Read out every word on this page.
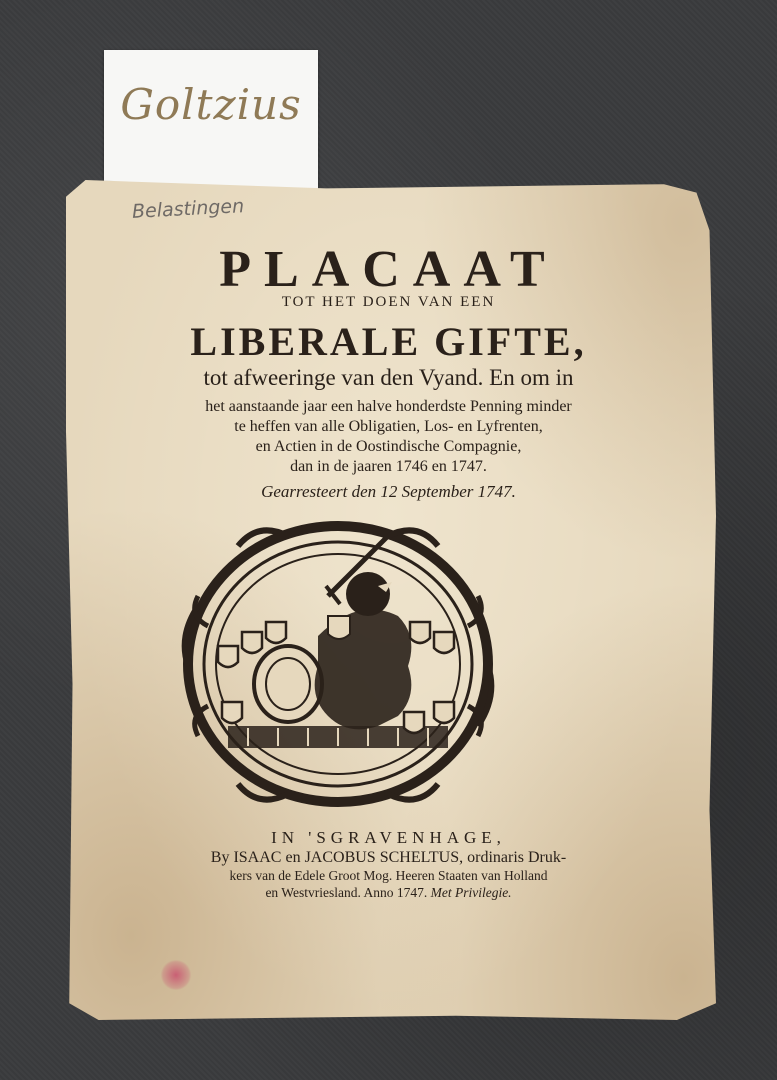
Goltzius
Belastingen
PLACAAT
TOT HET DOEN VAN EEN
LIBERALE GIFTE,
tot afweeringe van den Vyand. En om in
het aanstaande jaar een halve honderdste Penning minder
te heffen van alle Obligatien, Los- en Lyfrenten,
en Actien in de Oostindische Compagnie,
dan in de jaaren 1746 en 1747.
Gearresteert den 12 September 1747.
IN 'SGRAVENHAGE,
By ISAAC en JACOBUS SCHELTUS, ordinaris Druk-
kers van de Edele Groot Mog. Heeren Staaten van Holland
en Westvriesland. Anno 1747. Met Privilegie.
